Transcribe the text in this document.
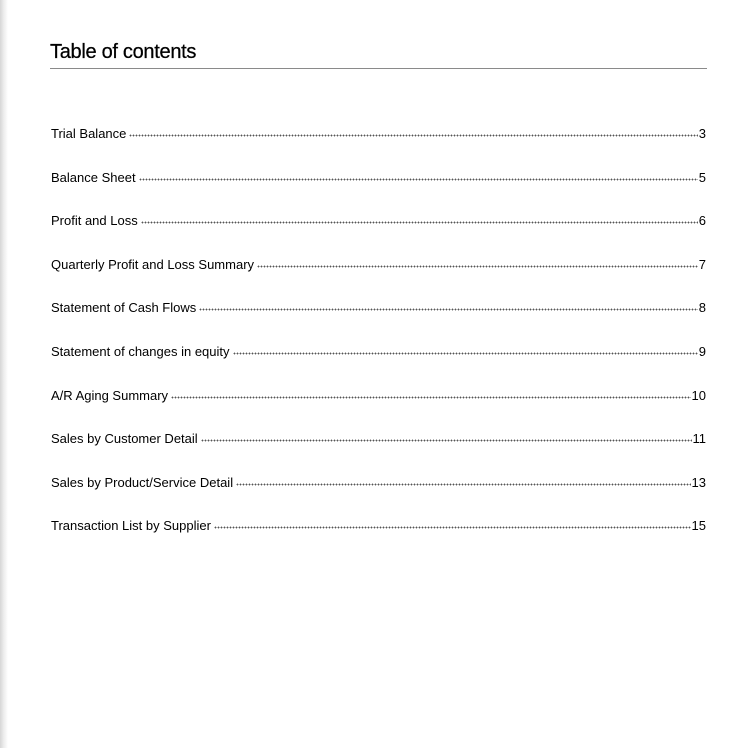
Table of contents
Trial Balance	3
Balance Sheet	5
Profit and Loss	6
Quarterly Profit and Loss Summary	7
Statement of Cash Flows	8
Statement of changes in equity	9
A/R Aging Summary	10
Sales by Customer Detail	11
Sales by Product/Service Detail	13
Transaction List by Supplier	15
